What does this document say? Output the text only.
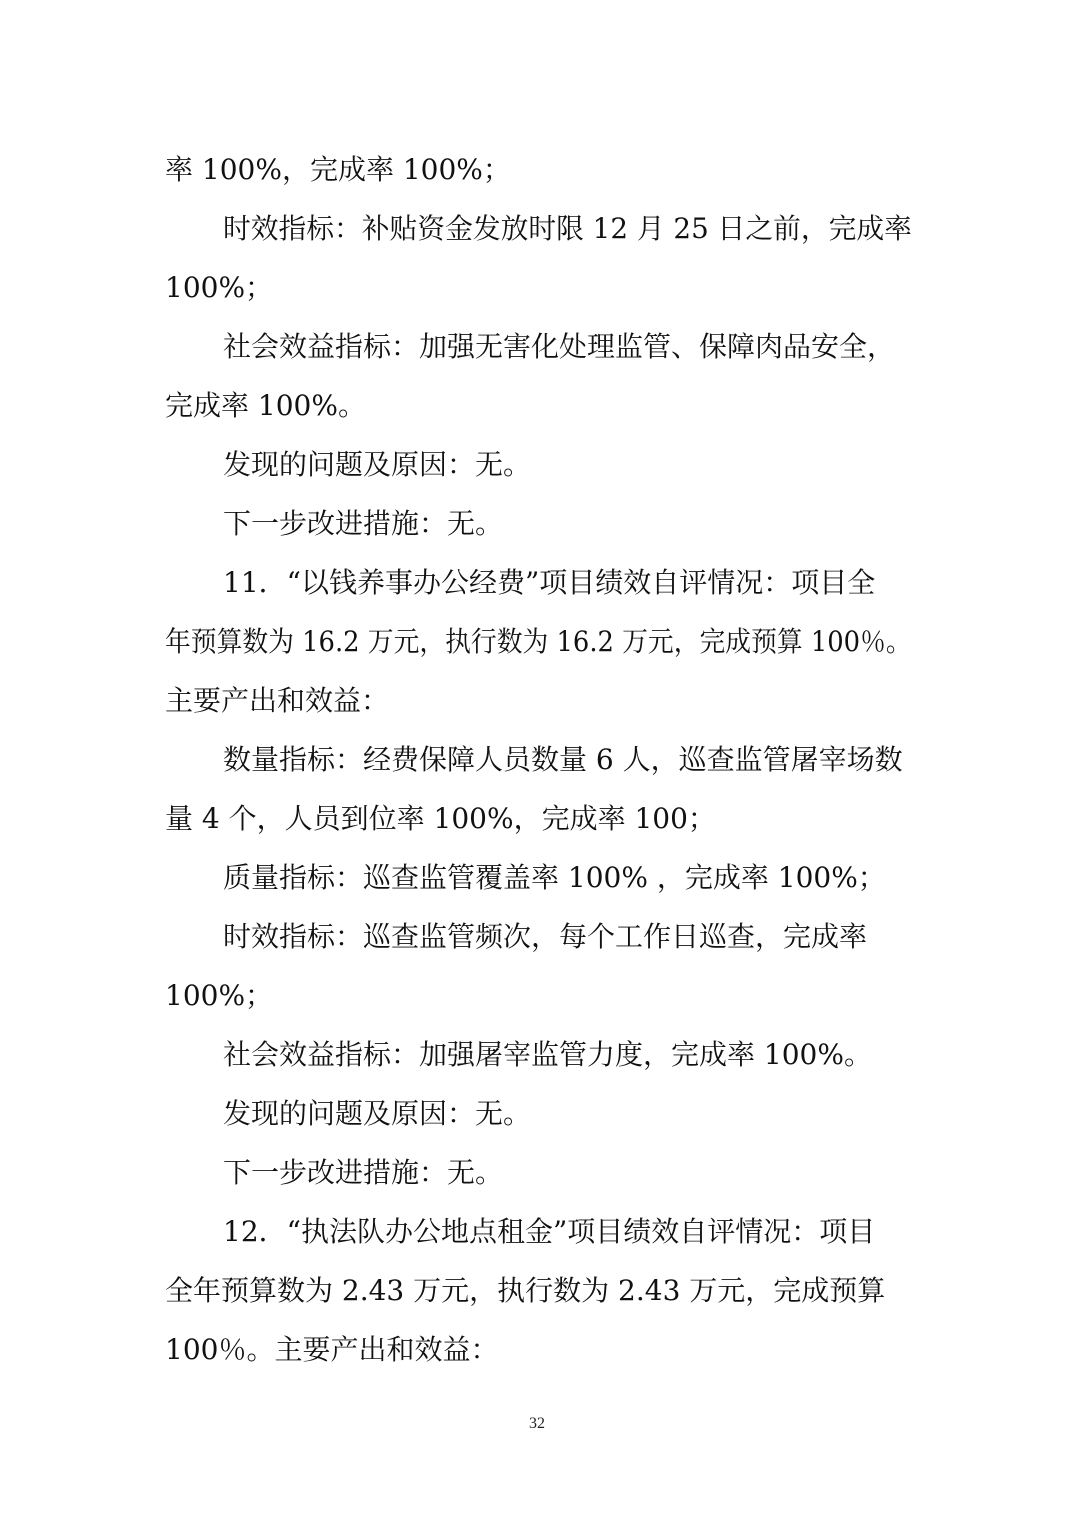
率 100%，完成率 100%；
时效指标：补贴资金发放时限 12 月 25 日之前，完成率
100%；
社会效益指标：加强无害化处理监管、保障肉品安全，
完成率 100%。
发现的问题及原因：无。
下一步改进措施：无。
11．“以钱养事办公经费”项目绩效自评情况：项目全
年预算数为 16.2 万元，执行数为 16.2 万元，完成预算 100％。
主要产出和效益：
数量指标：经费保障人员数量 6 人，巡查监管屠宰场数
量 4 个，人员到位率 100%，完成率 100；
质量指标：巡查监管覆盖率 100% ，完成率 100%；
时效指标：巡查监管频次，每个工作日巡查，完成率
100%；
社会效益指标：加强屠宰监管力度，完成率 100%。
发现的问题及原因：无。
下一步改进措施：无。
12．“执法队办公地点租金”项目绩效自评情况：项目
全年预算数为 2.43 万元，执行数为 2.43 万元，完成预算
100％。主要产出和效益：
32
